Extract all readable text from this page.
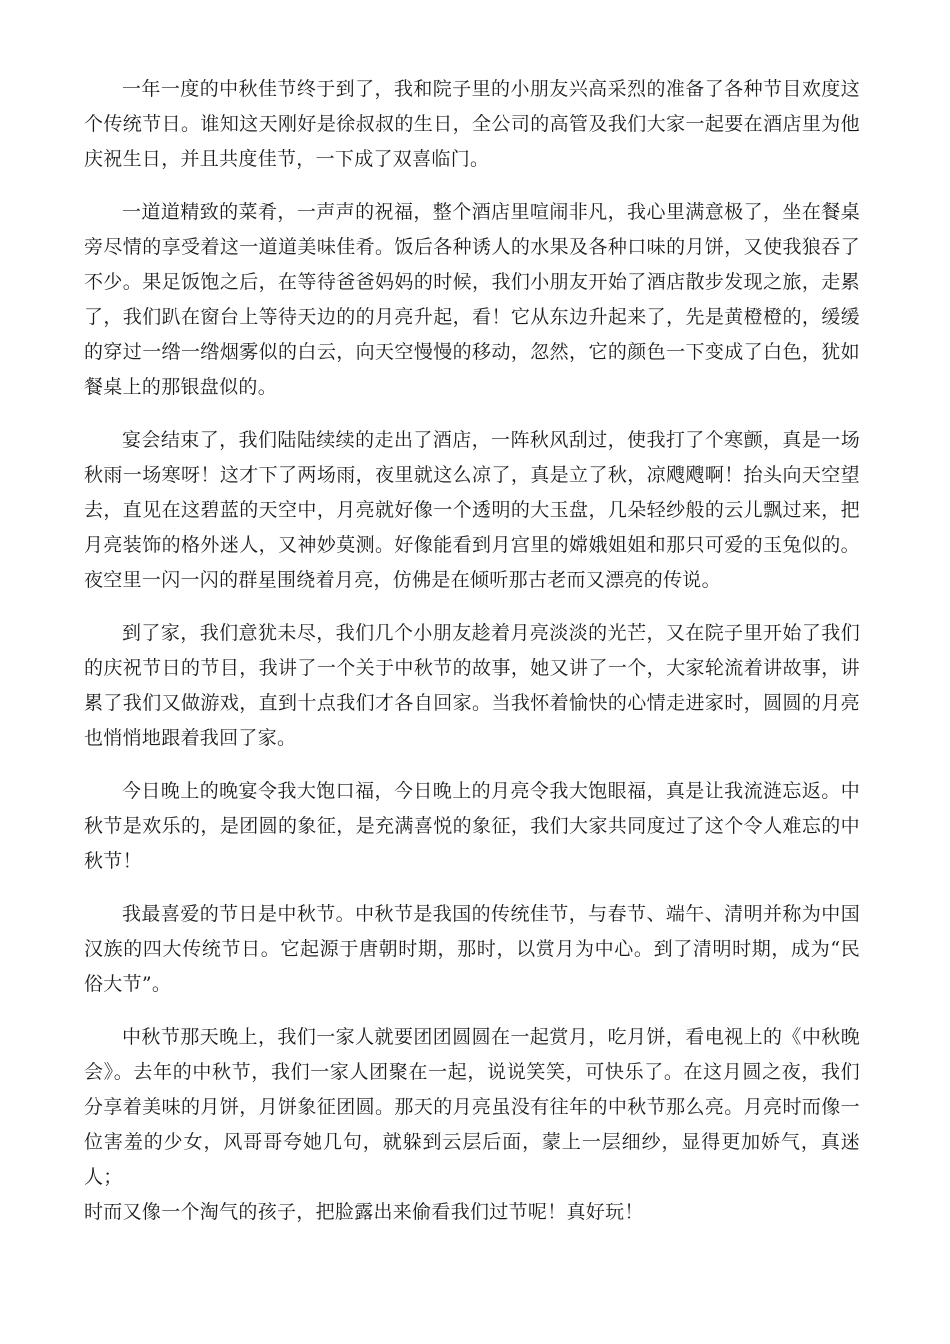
一年一度的中秋佳节终于到了，我和院子里的小朋友兴高采烈的准备了各种节目欢度这个传统节日。谁知这天刚好是徐叔叔的生日，全公司的高管及我们大家一起要在酒店里为他庆祝生日，并且共度佳节，一下成了双喜临门。

一道道精致的菜肴，一声声的祝福，整个酒店里喧闹非凡，我心里满意极了，坐在餐桌旁尽情的享受着这一道道美味佳肴。饭后各种诱人的水果及各种口味的月饼，又使我狼吞了不少。果足饭饱之后，在等待爸爸妈妈的时候，我们小朋友开始了酒店散步发现之旅，走累了，我们趴在窗台上等待天边的的月亮升起，看！它从东边升起来了，先是黄橙橙的，缓缓的穿过一绺一绺烟雾似的白云，向天空慢慢的移动，忽然，它的颜色一下变成了白色，犹如餐桌上的那银盘似的。

宴会结束了，我们陆陆续续的走出了酒店，一阵秋风刮过，使我打了个寒颤，真是一场秋雨一场寒呀！这才下了两场雨，夜里就这么凉了，真是立了秋，凉飕飕啊！抬头向天空望去，直见在这碧蓝的天空中，月亮就好像一个透明的大玉盘，几朵轻纱般的云儿飘过来，把月亮装饰的格外迷人，又神妙莫测。好像能看到月宫里的嫦娥姐姐和那只可爱的玉兔似的。夜空里一闪一闪的群星围绕着月亮，仿佛是在倾听那古老而又漂亮的传说。

到了家，我们意犹未尽，我们几个小朋友趁着月亮淡淡的光芒，又在院子里开始了我们的庆祝节日的节目，我讲了一个关于中秋节的故事，她又讲了一个，大家轮流着讲故事，讲累了我们又做游戏，直到十点我们才各自回家。当我怀着愉快的心情走进家时，圆圆的月亮也悄悄地跟着我回了家。

今日晚上的晚宴令我大饱口福，今日晚上的月亮令我大饱眼福，真是让我流涟忘返。中秋节是欢乐的，是团圆的象征，是充满喜悦的象征，我们大家共同度过了这个令人难忘的中秋节！

我最喜爱的节日是中秋节。中秋节是我国的传统佳节，与春节、端午、清明并称为中国汉族的四大传统节日。它起源于唐朝时期，那时，以赏月为中心。到了清明时期，成为“民俗大节”。

中秋节那天晚上，我们一家人就要团团圆圆在一起赏月，吃月饼，看电视上的《中秋晚会》。去年的中秋节，我们一家人团聚在一起，说说笑笑，可快乐了。在这月圆之夜，我们分享着美味的月饼，月饼象征团圆。那天的月亮虽没有往年的中秋节那么亮。月亮时而像一位害羞的少女，风哥哥夸她几句，就躲到云层后面，蒙上一层细纱，显得更加娇气，真迷人；

时而又像一个淘气的孩子，把脸露出来偷看我们过节呢！真好玩！
